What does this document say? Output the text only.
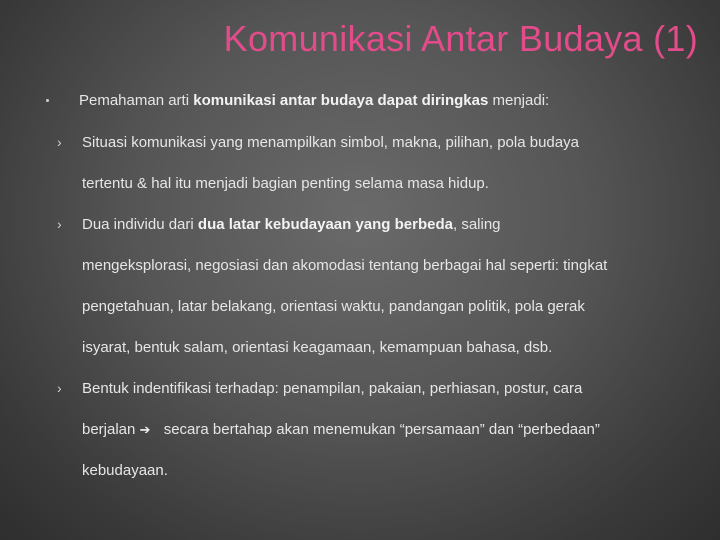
Komunikasi Antar Budaya (1)
Pemahaman arti komunikasi antar budaya dapat diringkas menjadi:
› Situasi komunikasi yang menampilkan simbol, makna, pilihan, pola budaya
tertentu & hal itu menjadi bagian penting selama masa hidup.
› Dua individu dari dua latar kebudayaan yang berbeda, saling
mengeksplorasi, negosiasi dan akomodasi tentang berbagai hal seperti: tingkat
pengetahuan, latar belakang, orientasi waktu, pandangan politik, pola gerak
isyarat, bentuk salam, orientasi keagamaan, kemampuan bahasa, dsb.
› Bentuk indentifikasi terhadap: penampilan, pakaian, perhiasan, postur, cara
berjalan ➔ secara bertahap akan menemukan “persamaan” dan “perbedaan”
kebudayaan.
